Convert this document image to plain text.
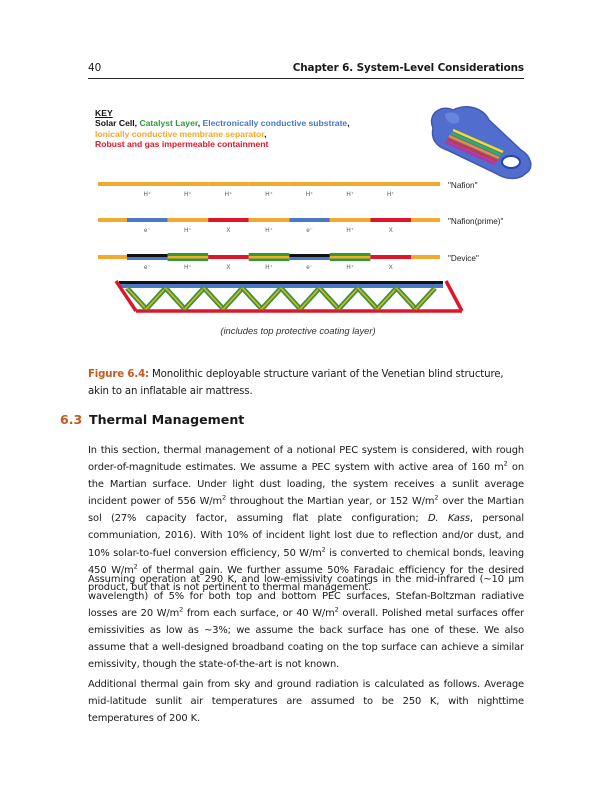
40	Chapter 6. System-Level Considerations
KEY
Solar Cell, Catalyst Layer, Electronically conductive substrate, Ionically conductive membrane separator,
Robust and gas impermeable containment
H⁺	H⁺	H⁺	H⁺	H⁺	H⁺	H⁺
"Nafion"
e⁻	H⁺	X	H⁺	e⁻	H⁺	X
"Nafion(prime)"
e⁻	H⁺	X	H⁺	e⁻	H⁺	X
"Device"
(includes top protective coating layer)
Figure 6.4: Monolithic deployable structure variant of the Venetian blind structure, akin to an inflatable air mattress.
6.3 Thermal Management
In this section, thermal management of a notional PEC system is considered, with rough order-of-magnitude estimates. We assume a PEC system with active area of 160 $m^2$ on the Martian surface. Under light dust loading, the system receives a sunlit average incident power of 556 $W/m^2$ throughout the Martian year, or 152 $W/m^2$ over the Martian sol (27% capacity factor, assuming flat plate configuration; D. Kass, personal communiation, 2016). With 10% of incident light lost due to reflection and/or dust, and 10% solar-to-fuel conversion efficiency, 50 $W/m^2$ is converted to chemical bonds, leaving 450 $W/m^2$ of thermal gain. We further assume 50% Faradaic efficiency for the desired product, but that is not pertinent to thermal management.
Assuming operation at 290 K, and low-emissivity coatings in the mid-infrared (~10 μm wavelength) of 5% for both top and bottom PEC surfaces, Stefan-Boltzman radiative losses are 20 $W/m^2$ from each surface, or 40 $W/m^2$ overall. Polished metal surfaces offer emissivities as low as ~3%; we assume the back surface has one of these. We also assume that a well-designed broadband coating on the top surface can achieve a similar emissivity, though the state-of-the-art is not known.
Additional thermal gain from sky and ground radiation is calculated as follows. Average mid-latitude sunlit air temperatures are assumed to be 250 K, with nighttime temperatures of 200 K.
